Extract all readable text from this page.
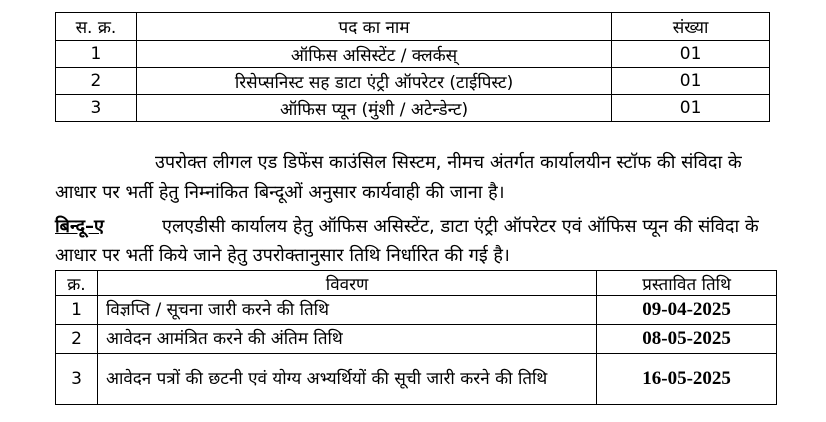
स. क्र.	पद का नाम	संख्या
1	ऑफिस असिस्टेंट / क्लर्कस्	01
2	रिसेप्सनिस्ट सह डाटा एंट्री ऑपरेटर (टाईपिस्ट)	01
3	ऑफिस प्यून (मुंशी / अटेन्डेन्ट)	01

उपरोक्त लीगल एड डिफेंस काउंसिल सिस्टम, नीमच अंतर्गत कार्यालयीन स्टॉफ की संविदा के आधार पर भर्ती हेतु निम्नांकित बिन्दूओं अनुसार कार्यवाही की जाना है।

बिन्दू–ए	एलएडीसी कार्यालय हेतु ऑफिस असिस्टेंट, डाटा एंट्री ऑपरेटर एवं ऑफिस प्यून की संविदा के आधार पर भर्ती किये जाने हेतु उपरोक्तानुसार तिथि निर्धारित की गई है।

क्र.	विवरण	प्रस्तावित तिथि
1	विज्ञप्ति / सूचना जारी करने की तिथि	09-04-2025
2	आवेदन आमंत्रित करने की अंतिम तिथि	08-05-2025
3	आवेदन पत्रों की छटनी एवं योग्य अभ्यर्थियों की सूची जारी करने की तिथि	16-05-2025
